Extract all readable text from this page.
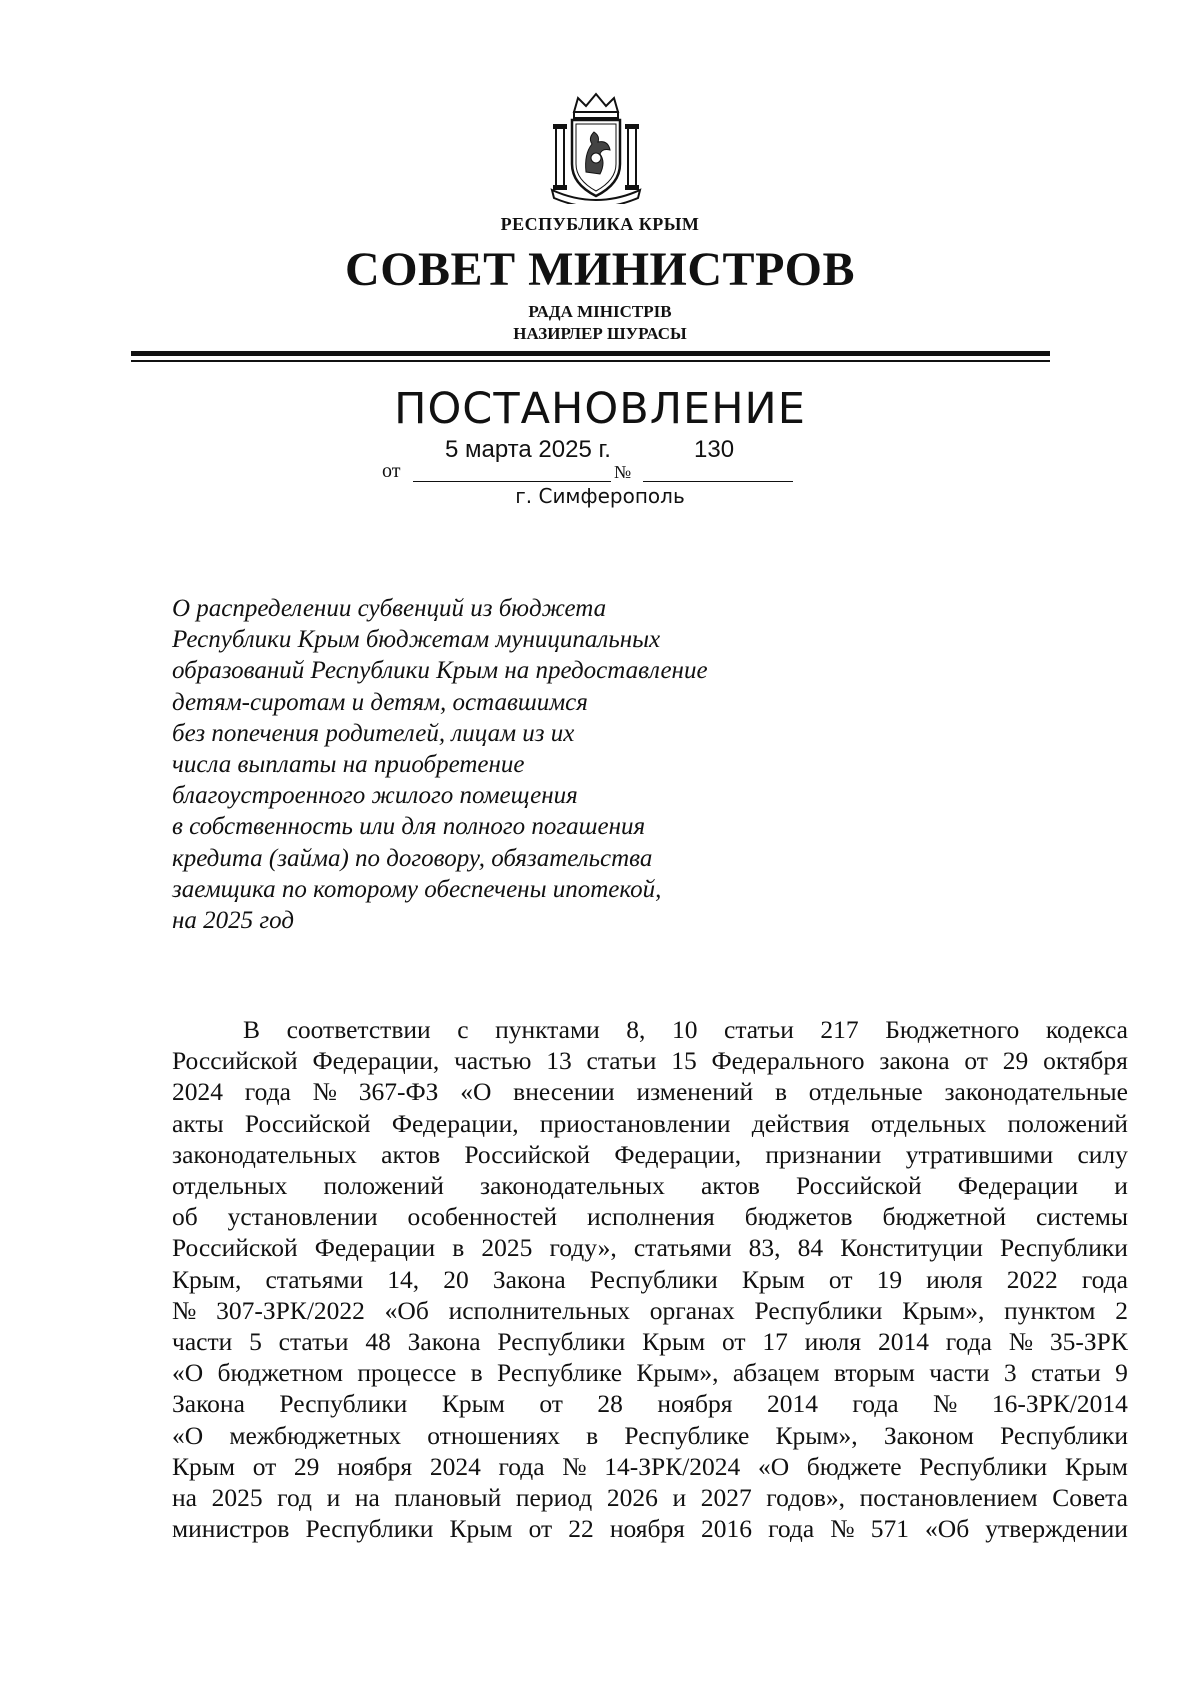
РЕСПУБЛИКА КРЫМ
СОВЕТ МИНИСТРОВ
РАДА МІНІСТРІВ
НАЗИРЛЕР ШУРАСЫ
ПОСТАНОВЛЕНИЕ
5 марта 2025 г.	130
от	№
г. Симферополь
О распределении субвенций из бюджета
Республики Крым бюджетам муниципальных
образований Республики Крым на предоставление
детям-сиротам и детям, оставшимся
без попечения родителей, лицам из их
числа выплаты на приобретение
благоустроенного жилого помещения
в собственность или для полного погашения
кредита (займа) по договору, обязательства
заемщика по которому обеспечены ипотекой,
на 2025 год
В соответствии с пунктами 8, 10 статьи 217 Бюджетного кодекса
Российской Федерации, частью 13 статьи 15 Федерального закона от 29 октября
2024 года № 367-ФЗ «О внесении изменений в отдельные законодательные
акты Российской Федерации, приостановлении действия отдельных положений
законодательных актов Российской Федерации, признании утратившими силу
отдельных положений законодательных актов Российской Федерации и
об установлении особенностей исполнения бюджетов бюджетной системы
Российской Федерации в 2025 году», статьями 83, 84 Конституции Республики
Крым, статьями 14, 20 Закона Республики Крым от 19 июля 2022 года
№ 307-ЗРК/2022 «Об исполнительных органах Республики Крым», пунктом 2
части 5 статьи 48 Закона Республики Крым от 17 июля 2014 года № 35-ЗРК
«О бюджетном процессе в Республике Крым», абзацем вторым части 3 статьи 9
Закона Республики Крым от 28 ноября 2014 года № 16-ЗРК/2014
«О межбюджетных отношениях в Республике Крым», Законом Республики
Крым от 29 ноября 2024 года № 14-ЗРК/2024 «О бюджете Республики Крым
на 2025 год и на плановый период 2026 и 2027 годов», постановлением Совета
министров Республики Крым от 22 ноября 2016 года № 571 «Об утверждении
